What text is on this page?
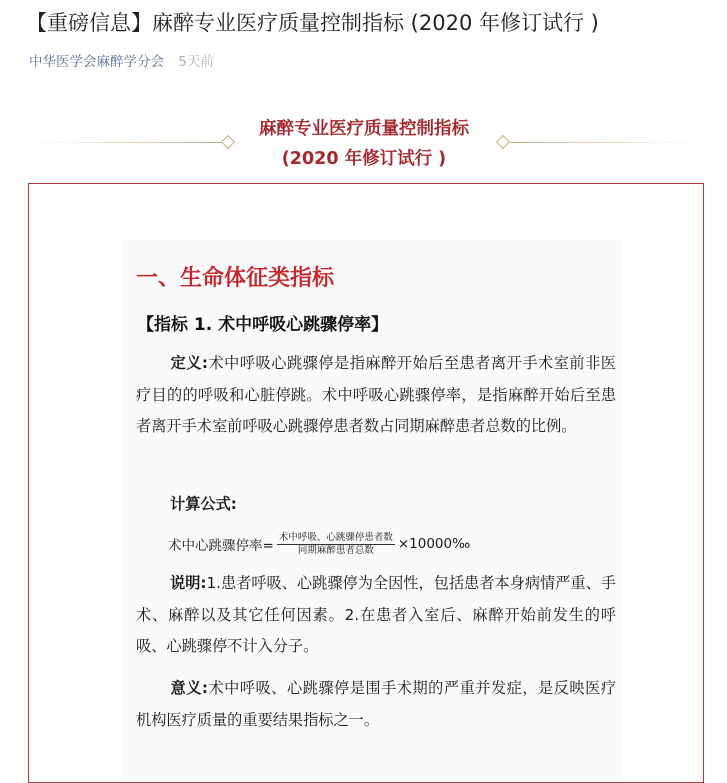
【重磅信息】麻醉专业医疗质量控制指标 (2020 年修订试行 )
中华医学会麻醉学分会 5天前
麻醉专业医疗质量控制指标
(2020 年修订试行 )
一、生命体征类指标
【指标 1. 术中呼吸心跳骤停率】
定义:术中呼吸心跳骤停是指麻醉开始后至患者离开手术室前非医疗目的的呼吸和心脏停跳。术中呼吸心跳骤停率，是指麻醉开始后至患者离开手术室前呼吸心跳骤停患者数占同期麻醉患者总数的比例。
计算公式:
术中心跳骤停率= $\frac{\text{术中呼吸、心跳骤停患者数}}{\text{同期麻醉患者总数}}$ ×10000‰
说明:1.患者呼吸、心跳骤停为全因性，包括患者本身病情严重、手术、麻醉以及其它任何因素。2.在患者入室后、麻醉开始前发生的呼吸、心跳骤停不计入分子。
意义:术中呼吸、心跳骤停是围手术期的严重并发症，是反映医疗机构医疗质量的重要结果指标之一。
